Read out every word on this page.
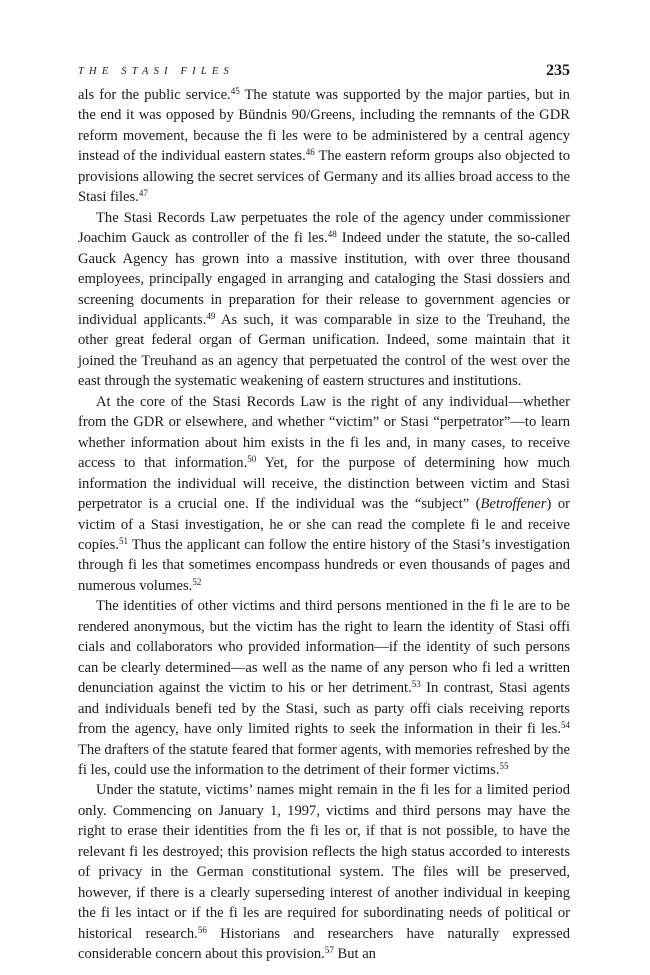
THE STASI FILES	235

als for the public service.$^{45}$ The statute was supported by the major parties, but in the end it was opposed by Bündnis 90/Greens, including the remnants of the GDR reform movement, because the fi les were to be administered by a central agency instead of the individual eastern states.$^{46}$ The eastern reform groups also objected to provisions allowing the secret services of Germany and its allies broad access to the Stasi files.$^{47}$

The Stasi Records Law perpetuates the role of the agency under commissioner Joachim Gauck as controller of the fi les.$^{48}$ Indeed under the statute, the so-called Gauck Agency has grown into a massive institution, with over three thousand employees, principally engaged in arranging and cataloging the Stasi dossiers and screening documents in preparation for their release to government agencies or individual applicants.$^{49}$ As such, it was comparable in size to the Treuhand, the other great federal organ of German unification. Indeed, some maintain that it joined the Treuhand as an agency that perpetuated the control of the west over the east through the systematic weakening of eastern structures and institutions.

At the core of the Stasi Records Law is the right of any individual—whether from the GDR or elsewhere, and whether “victim” or Stasi “perpetrator”—to learn whether information about him exists in the fi les and, in many cases, to receive access to that information.$^{50}$ Yet, for the purpose of determining how much information the individual will receive, the distinction between victim and Stasi perpetrator is a crucial one. If the individual was the “subject” (Betroffener) or victim of a Stasi investigation, he or she can read the complete fi le and receive copies.$^{51}$ Thus the applicant can follow the entire history of the Stasi’s investigation through fi les that sometimes encompass hundreds or even thousands of pages and numerous volumes.$^{52}$

The identities of other victims and third persons mentioned in the fi le are to be rendered anonymous, but the victim has the right to learn the identity of Stasi offi cials and collaborators who provided information—if the identity of such persons can be clearly determined—as well as the name of any person who fi led a written denunciation against the victim to his or her detriment.$^{53}$ In contrast, Stasi agents and individuals benefi ted by the Stasi, such as party offi cials receiving reports from the agency, have only limited rights to seek the information in their fi les.$^{54}$ The drafters of the statute feared that former agents, with memories refreshed by the fi les, could use the information to the detriment of their former victims.$^{55}$

Under the statute, victims’ names might remain in the fi les for a limited period only. Commencing on January 1, 1997, victims and third persons may have the right to erase their identities from the fi les or, if that is not possible, to have the relevant fi les destroyed; this provision reflects the high status accorded to interests of privacy in the German constitutional system. The files will be preserved, however, if there is a clearly superseding interest of another individual in keeping the fi les intact or if the fi les are required for subordinating needs of political or historical research.$^{56}$ Historians and researchers have naturally expressed considerable concern about this provision.$^{57}$ But an
